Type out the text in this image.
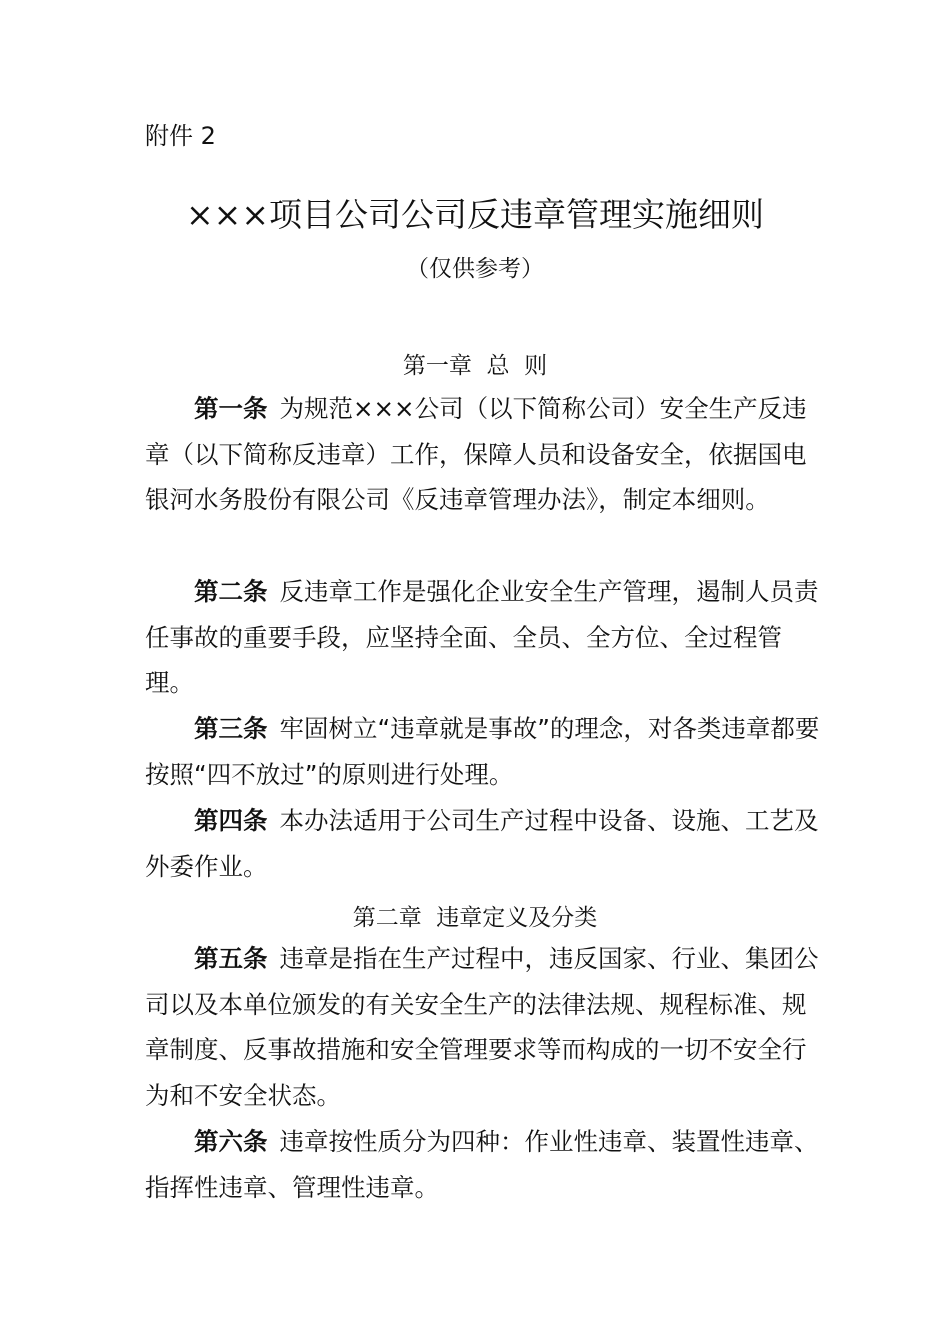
附件 2
×××项目公司公司反违章管理实施细则
（仅供参考）
第一章  总  则

第一条 为规范×××公司（以下简称公司）安全生产反违章（以下简称反违章）工作，保障人员和设备安全，依据国电银河水务股份有限公司《反违章管理办法》，制定本细则。

第二条 反违章工作是强化企业安全生产管理，遏制人员责任事故的重要手段，应坚持全面、全员、全方位、全过程管理。

第三条 牢固树立“违章就是事故”的理念，对各类违章都要按照“四不放过”的原则进行处理。

第四条 本办法适用于公司生产过程中设备、设施、工艺及外委作业。

第二章  违章定义及分类

第五条 违章是指在生产过程中，违反国家、行业、集团公司以及本单位颁发的有关安全生产的法律法规、规程标准、规章制度、反事故措施和安全管理要求等而构成的一切不安全行为和不安全状态。

第六条 违章按性质分为四种：作业性违章、装置性违章、指挥性违章、管理性违章。
